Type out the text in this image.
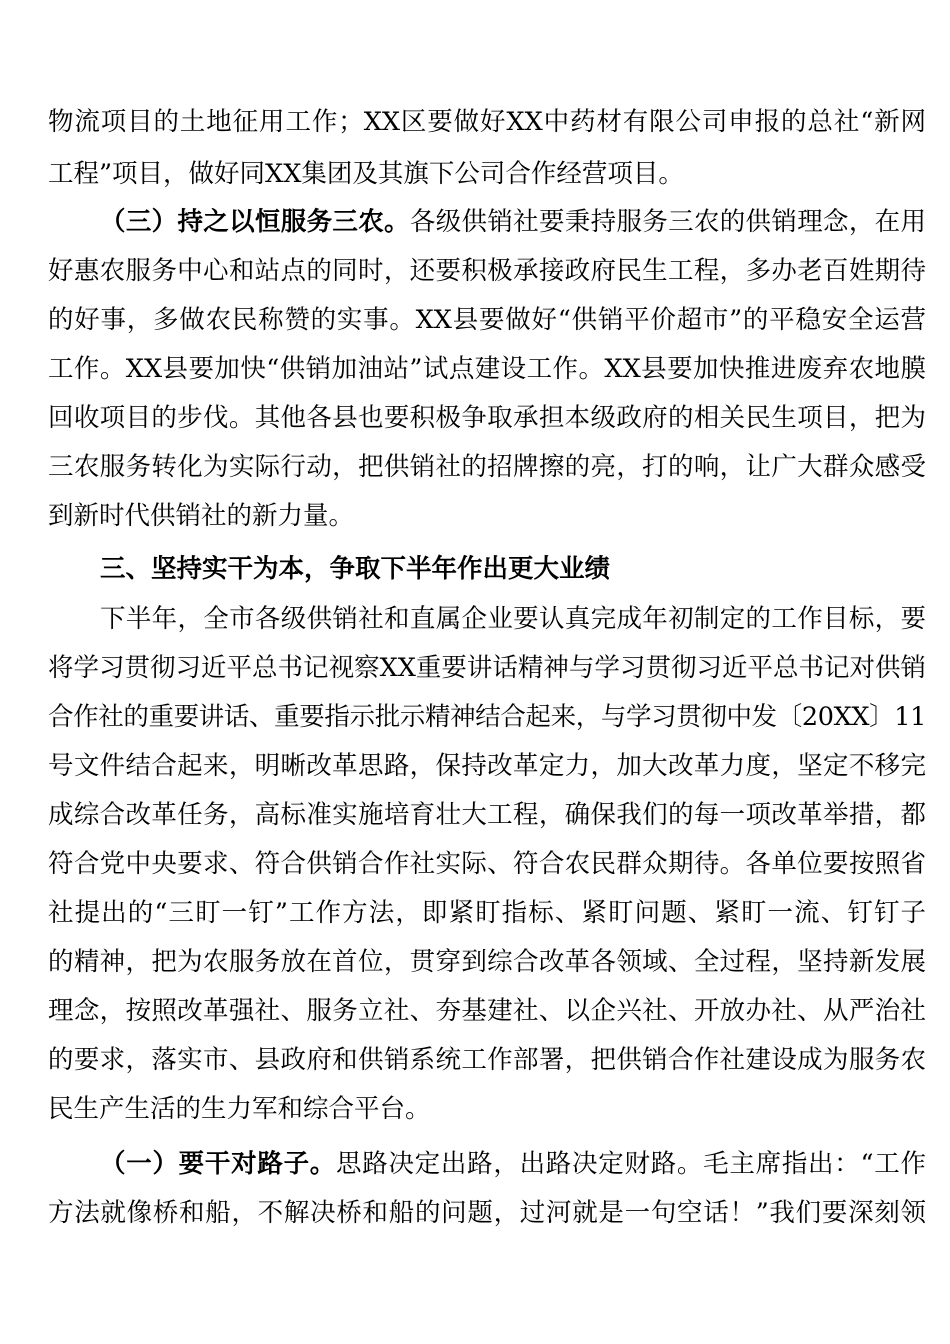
物流项目的土地征用工作；XX区要做好XX中药材有限公司申报的总社“新网
工程”项目，做好同XX集团及其旗下公司合作经营项目。
（三）持之以恒服务三农。各级供销社要秉持服务三农的供销理念，在用
好惠农服务中心和站点的同时，还要积极承接政府民生工程，多办老百姓期待
的好事，多做农民称赞的实事。XX县要做好“供销平价超市”的平稳安全运营
工作。XX县要加快“供销加油站”试点建设工作。XX县要加快推进废弃农地膜
回收项目的步伐。其他各县也要积极争取承担本级政府的相关民生项目，把为
三农服务转化为实际行动，把供销社的招牌擦的亮，打的响，让广大群众感受
到新时代供销社的新力量。
三、坚持实干为本，争取下半年作出更大业绩
下半年，全市各级供销社和直属企业要认真完成年初制定的工作目标，要
将学习贯彻习近平总书记视察XX重要讲话精神与学习贯彻习近平总书记对供销
合作社的重要讲话、重要指示批示精神结合起来，与学习贯彻中发〔20XX〕11
号文件结合起来，明晰改革思路，保持改革定力，加大改革力度，坚定不移完
成综合改革任务，高标准实施培育壮大工程，确保我们的每一项改革举措，都
符合党中央要求、符合供销合作社实际、符合农民群众期待。各单位要按照省
社提出的“三盯一钉”工作方法，即紧盯指标、紧盯问题、紧盯一流、钉钉子
的精神，把为农服务放在首位，贯穿到综合改革各领域、全过程，坚持新发展
理念，按照改革强社、服务立社、夯基建社、以企兴社、开放办社、从严治社
的要求，落实市、县政府和供销系统工作部署，把供销合作社建设成为服务农
民生产生活的生力军和综合平台。
（一）要干对路子。思路决定出路，出路决定财路。毛主席指出：“工作
方法就像桥和船，不解决桥和船的问题，过河就是一句空话！”我们要深刻领
